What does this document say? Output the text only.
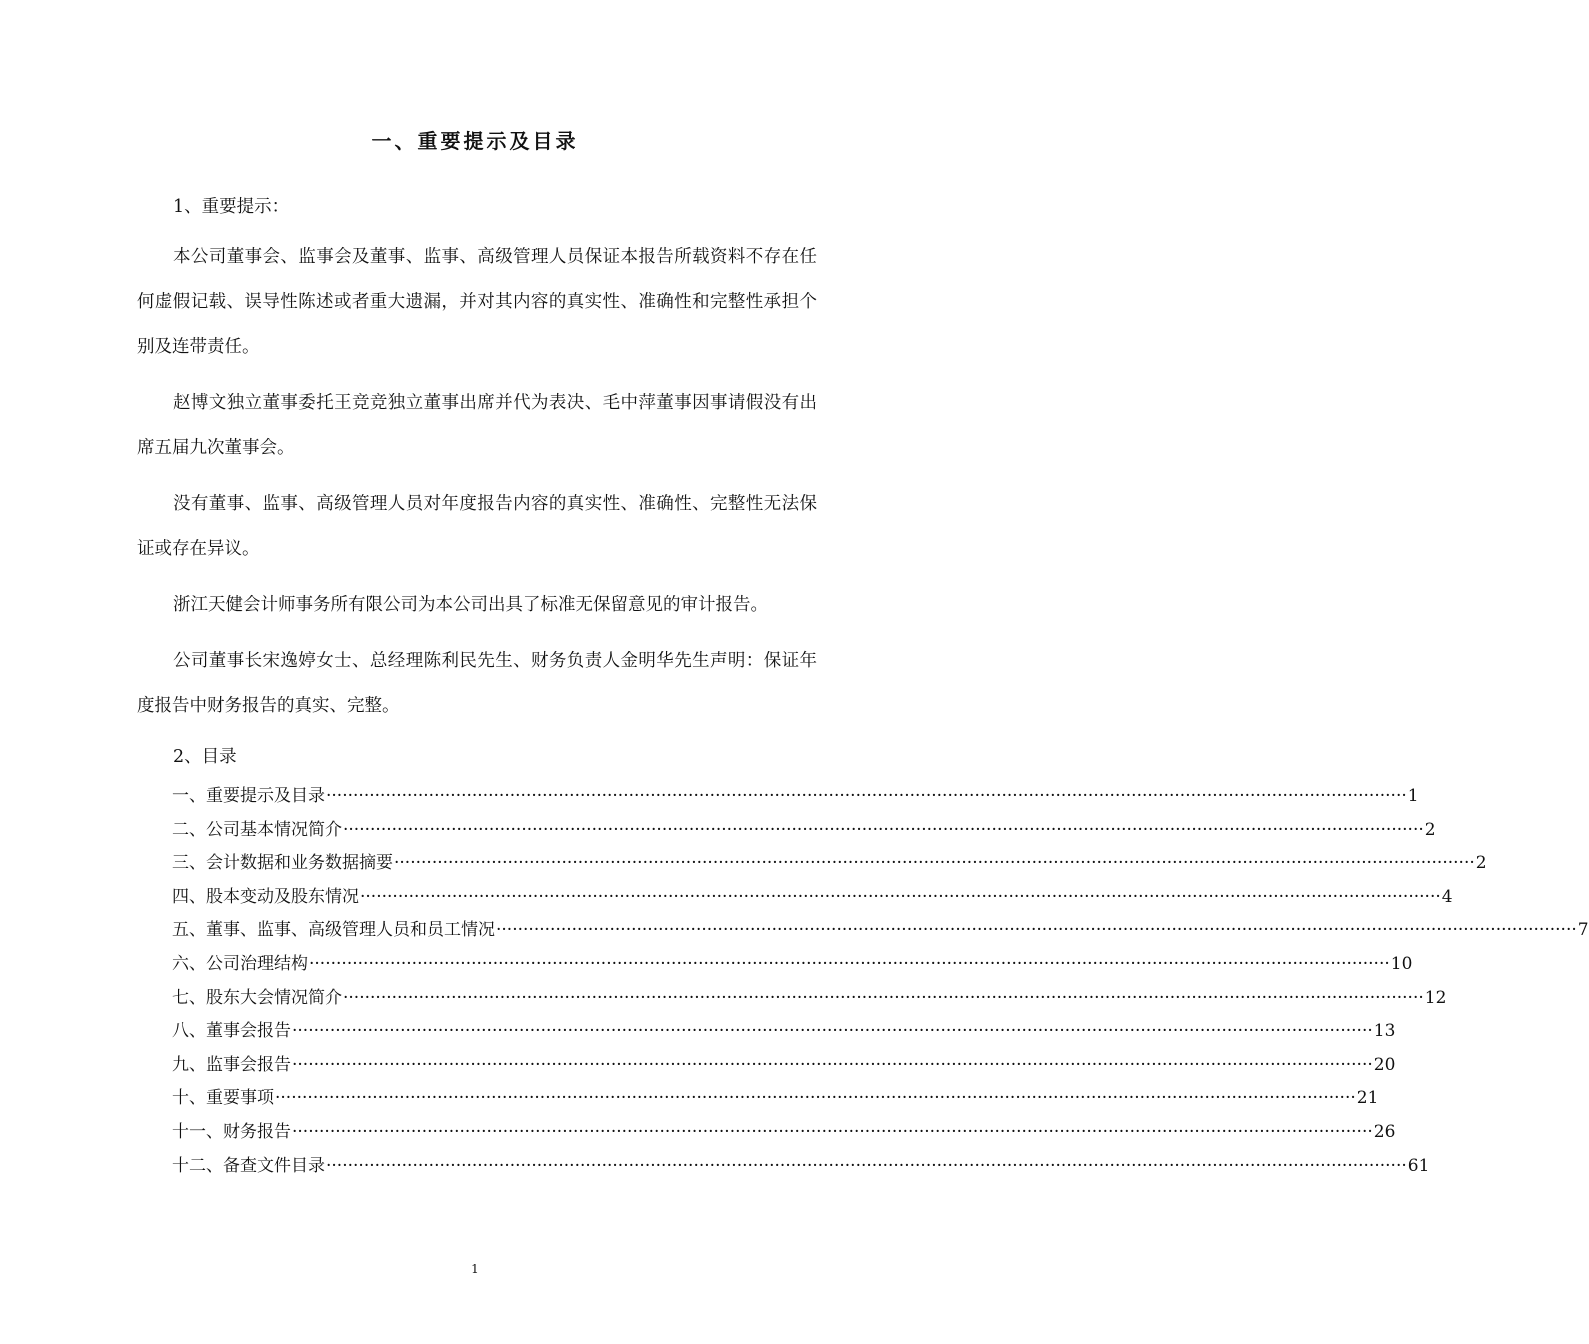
一、重要提示及目录

1、重要提示：

本公司董事会、监事会及董事、监事、高级管理人员保证本报告所载资料不存在任何虚假记载、误导性陈述或者重大遗漏，并对其内容的真实性、准确性和完整性承担个别及连带责任。

赵博文独立董事委托王竞竞独立董事出席并代为表决、毛中萍董事因事请假没有出席五届九次董事会。

没有董事、监事、高级管理人员对年度报告内容的真实性、准确性、完整性无法保证或存在异议。

浙江天健会计师事务所有限公司为本公司出具了标准无保留意见的审计报告。

公司董事长宋逸婷女士、总经理陈利民先生、财务负责人金明华先生声明：保证年度报告中财务报告的真实、完整。

2、目录

一、重要提示及目录 ········································································································································································································ 1
二、公司基本情况简介 ········································································································································································································ 2
三、会计数据和业务数据摘要 ········································································································································································································ 2
四、股本变动及股东情况 ········································································································································································································ 4
五、董事、监事、高级管理人员和员工情况 ········································································································································································································ 7
六、公司治理结构 ········································································································································································································ 10
七、股东大会情况简介 ········································································································································································································ 12
八、董事会报告 ········································································································································································································ 13
九、监事会报告 ········································································································································································································ 20
十、重要事项 ········································································································································································································ 21
十一、财务报告 ········································································································································································································ 26
十二、备查文件目录 ········································································································································································································ 61
1
